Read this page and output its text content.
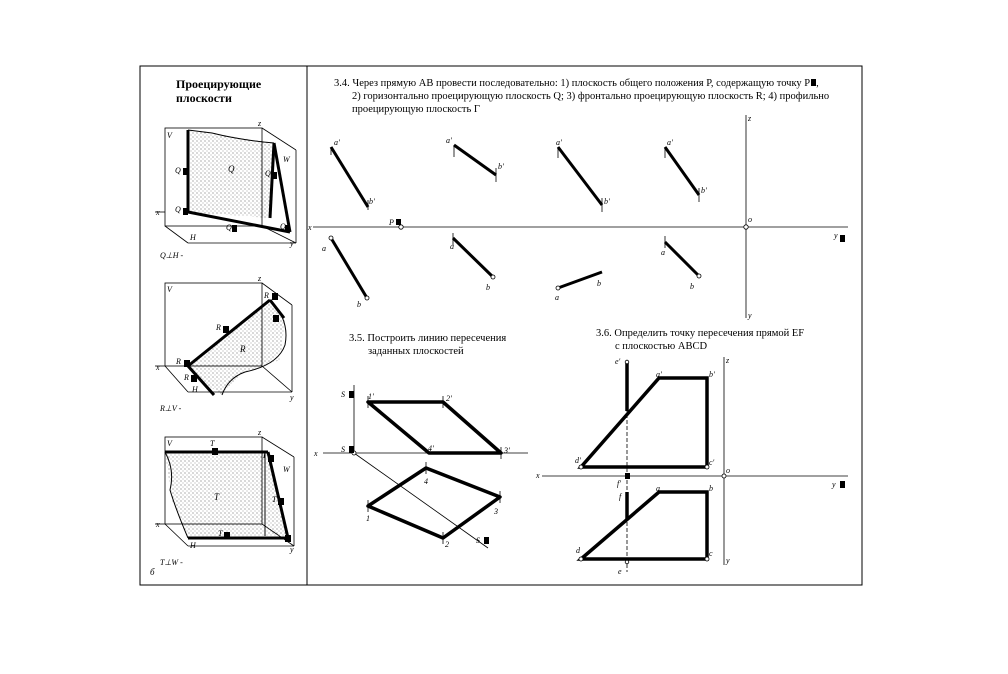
V
z
W
x
H
y
Q
Q
Q	Q
Q	Q
Q⊥H -
V
z
x
H
y
R
R
R
R
R
R⊥V -
V
z
W
x
H	y
T
T
T
T
T
T⊥W -
б
x
z
o
y
y
P
a'
b'
a
b
a'
b'
a
b
a'
b'
a
b
a'
b'
a
b
x
S
S
S
1'	2'
3'
4'
1
2
3
4
x
z
o
y
y
e'
a'	b'
d'	c'
f'
f
a	b
d	c
e
Проецирующие
плоскости
3.4. Через прямую AB провести последовательно: 1) плоскость общего положения P, содержащую точку P ,
2) горизонтально проецирующую плоскость Q; 3) фронтально проецирующую плоскость R; 4) профильно
проецирующую плоскость Г
3.5. Построить линию пересечения
заданных плоскостей
3.6. Определить точку пересечения прямой EF
с плоскостью ABCD
